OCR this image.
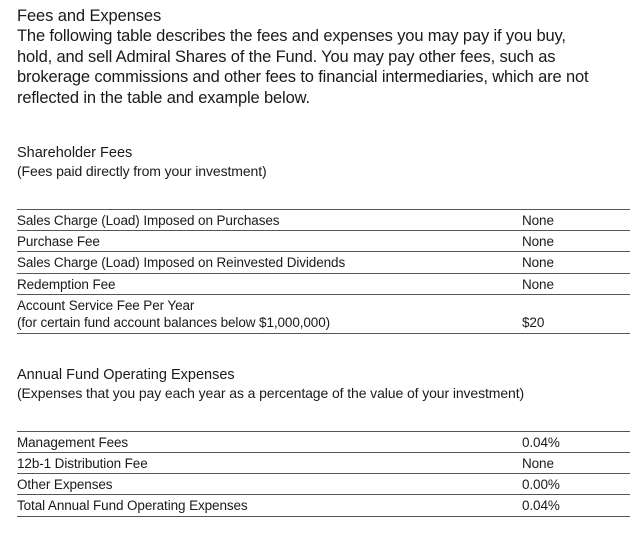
Fees and Expenses
The following table describes the fees and expenses you may pay if you buy,
hold, and sell Admiral Shares of the Fund. You may pay other fees, such as
brokerage commissions and other fees to financial intermediaries, which are not
reflected in the table and example below.
Shareholder Fees

(Fees paid directly from your investment)

Sales Charge (Load) Imposed on Purchases	None
Purchase Fee	None
Sales Charge (Load) Imposed on Reinvested Dividends	None
Redemption Fee	None

Account Service Fee Per Year
(for certain fund account balances below $1,000,000)	$20
Annual Fund Operating Expenses

(Expenses that you pay each year as a percentage of the value of your investment)

Management Fees	0.04%
12b-1 Distribution Fee	None
Other Expenses	0.00%
Total Annual Fund Operating Expenses	0.04%
